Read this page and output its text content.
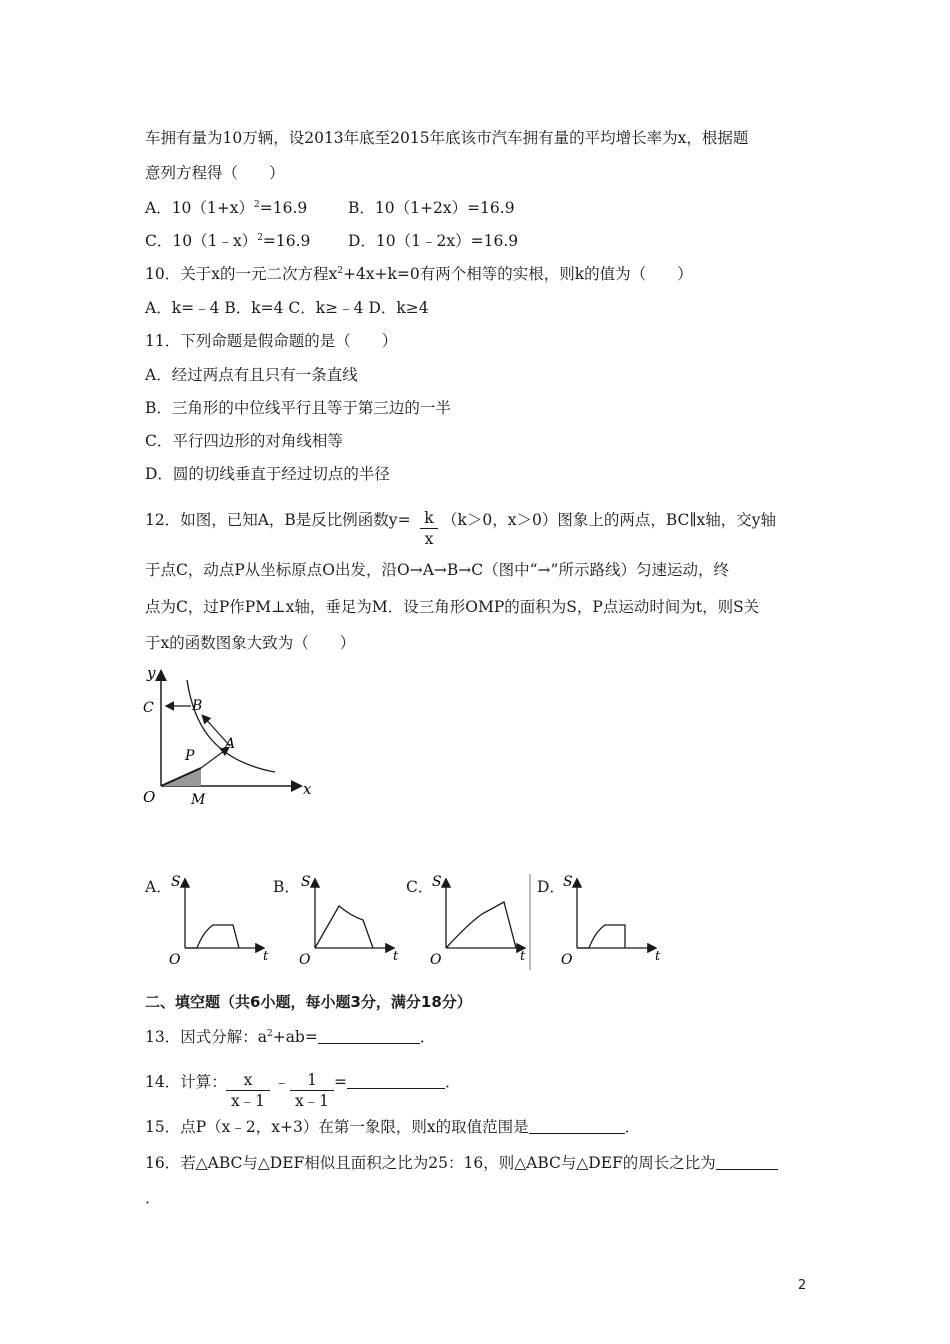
车拥有量为10万辆，设2013年底至2015年底该市汽车拥有量的平均增长率为x，根据题
意列方程得（　　）
A．$10(1+x)^2=16.9$	B．10（1+2x）=16.9
C．10（1﹣x）$^2$=16.9 D．10（1﹣2x）=16.9
10．关于x的一元二次方程$x^2+4x+k=0$有两个相等的实根，则k的值为（　　）
A．k=﹣4 B．k=4 C．k≥﹣4 D．k≥4
11．下列命题是假命题的是（　　）
A．经过两点有且只有一条直线
B．三角形的中位线平行且等于第三边的一半
C．平行四边形的对角线相等
D．圆的切线垂直于经过切点的半径
12．如图，已知A，B是反比例函数y= k
x
（k＞0，x＞0）图象上的两点，BC∥x轴，交y轴
于点C，动点P从坐标原点O出发，沿O→A→B→C（图中“→”所示路线）匀速运动，终
点为C，过P作PM⊥x轴，垂足为M．设三角形OMP的面积为S，P点运动时间为t，则S关
于x的函数图象大致为（　　）
y
x
C	B
P
A
O	M
A． S
t
O
B． S
t
O
C．
S
t
O
D．
S
t
O
二、填空题（共6小题，每小题3分，满分18分）
13．因式分解：$a^2+ab=$	．
14．计算：	x
x﹣1
﹣	1
x﹣1
=	．
15．点P（x﹣2，x+3）在第一象限，则x的取值范围是	．
16．若△ABC与△DEF相似且面积之比为25：16，则△ABC与△DEF的周长之比为
．
2
